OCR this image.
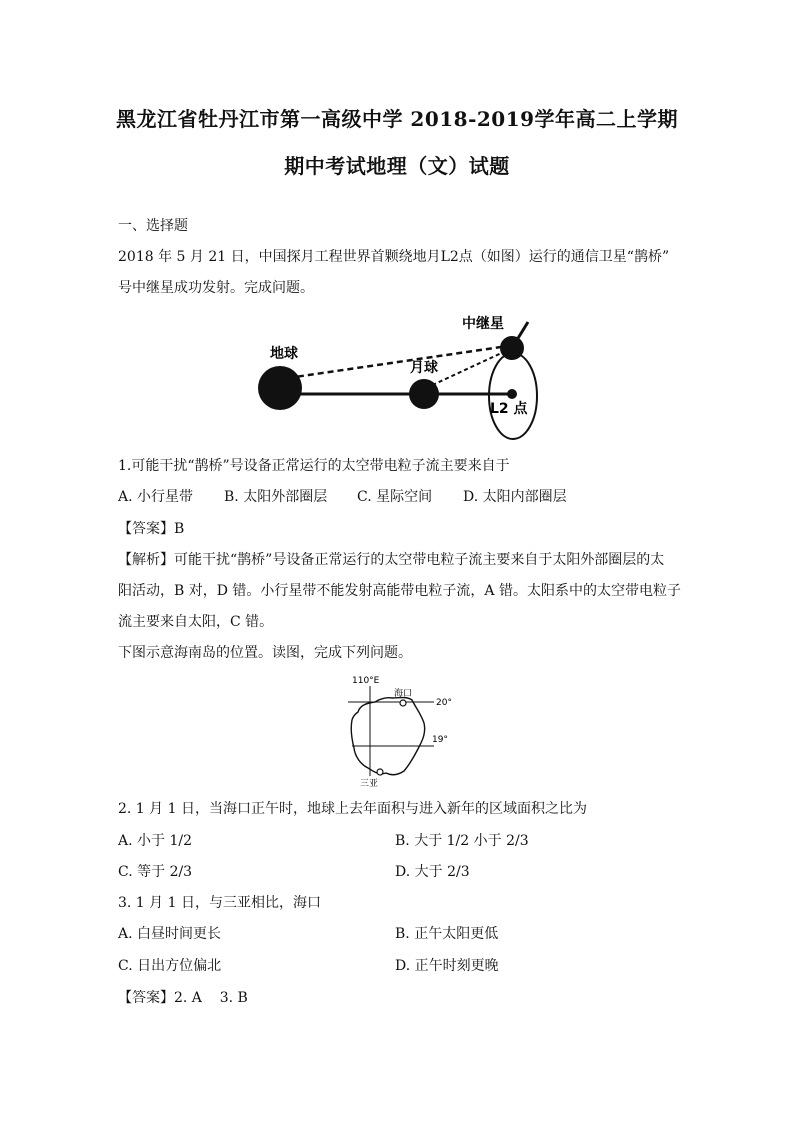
黑龙江省牡丹江市第一高级中学 2018-2019学年高二上学期
期中考试地理（文）试题
一、选择题
2018 年 5 月 21 日，中国探月工程世界首颗绕地月L2点（如图）运行的通信卫星“鹊桥”
号中继星成功发射。完成问题。
地球
月球
中继星
L2 点
1.可能干扰“鹊桥”号设备正常运行的太空带电粒子流主要来自于
A. 小行星带 B. 太阳外部圈层 C. 星际空间 D. 太阳内部圈层
【答案】B
【解析】可能干扰“鹊桥”号设备正常运行的太空带电粒子流主要来自于太阳外部圈层的太
阳活动，B 对，D 错。小行星带不能发射高能带电粒子流，A 错。太阳系中的太空带电粒子
流主要来自太阳，C 错。
下图示意海南岛的位置。读图，完成下列问题。
110°E
海口
20°
19°
三亚
2. 1 月 1 日，当海口正午时，地球上去年面积与进入新年的区域面积之比为
A. 小于 1/2	B. 大于 1/2 小于 2/3
C. 等于 2/3	D. 大于 2/3
3. 1 月 1 日，与三亚相比，海口
A. 白昼时间更长	B. 正午太阳更低
C. 日出方位偏北	D. 正午时刻更晚
【答案】2. A    3. B
